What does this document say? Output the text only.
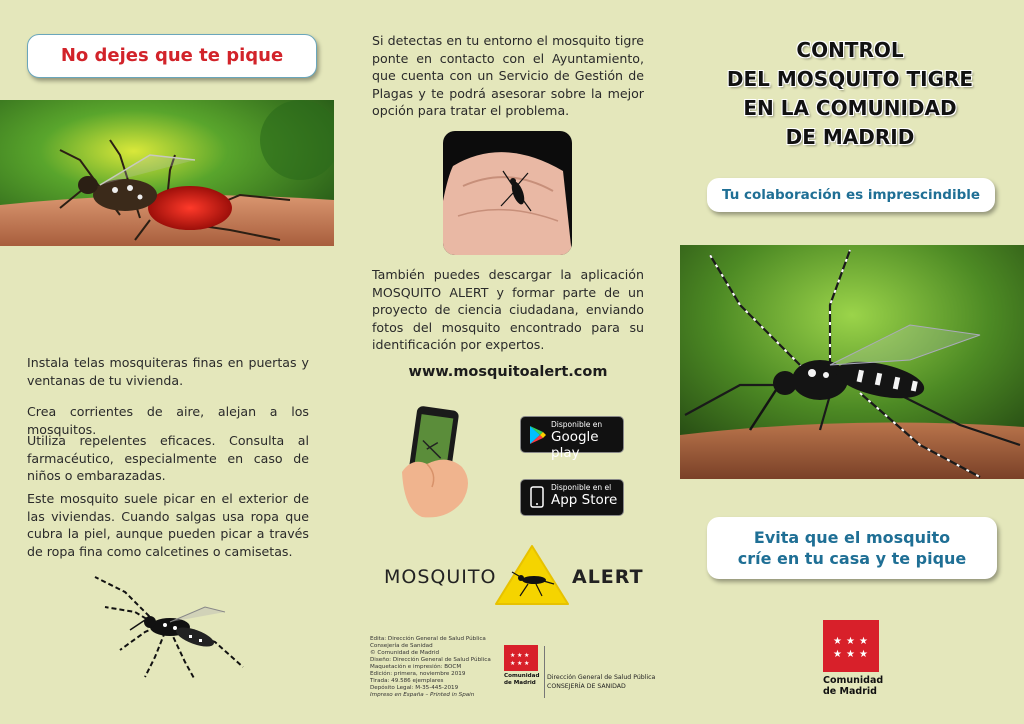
No dejes que te pique
Instala telas mosquiteras finas en puertas y ventanas de tu vivienda.
Crea corrientes de aire, alejan a los mosquitos.
Utiliza repelentes eficaces. Consulta al farmacéutico, especialmente en caso de niños o embarazadas.
Este mosquito suele picar en el exterior de las viviendas. Cuando salgas usa ropa que cubra la piel, aunque pueden picar a través de ropa fina como calcetines o camisetas.
Si detectas en tu entorno el mosquito tigre ponte en contacto con el Ayuntamiento, que cuenta con un Servicio de Gestión de Plagas y te podrá asesorar sobre la mejor opción para tratar el problema.
También puedes descargar la aplicación MOSQUITO ALERT y formar parte de un proyecto de ciencia ciudadana, enviando fotos del mosquito encontrado para su identificación por expertos.
www.mosquitoalert.com
Disponible en
Google play
Disponible en el
App Store
MOSQUITO	ALERT
Edita: Dirección General de Salud Pública
Consejería de Sanidad
© Comunidad de Madrid
Diseño: Dirección General de Salud Pública
Maquetación e impresión: BOCM
Edición: primera, noviembre 2019
Tirada: 49.586 ejemplares
Depósito Legal: M-35-445-2019
Impreso en España – Printed in Spain
★ ★ ★
★ ★ ★
Comunidad
de Madrid
Dirección General de Salud Pública
CONSEJERÍA DE SANIDAD
CONTROL
DEL MOSQUITO TIGRE
EN LA COMUNIDAD
DE MADRID
Tu colaboración es imprescindible
Evita que el mosquito
críe en tu casa y te pique
★ ★ ★
★ ★ ★
Comunidad
de Madrid
